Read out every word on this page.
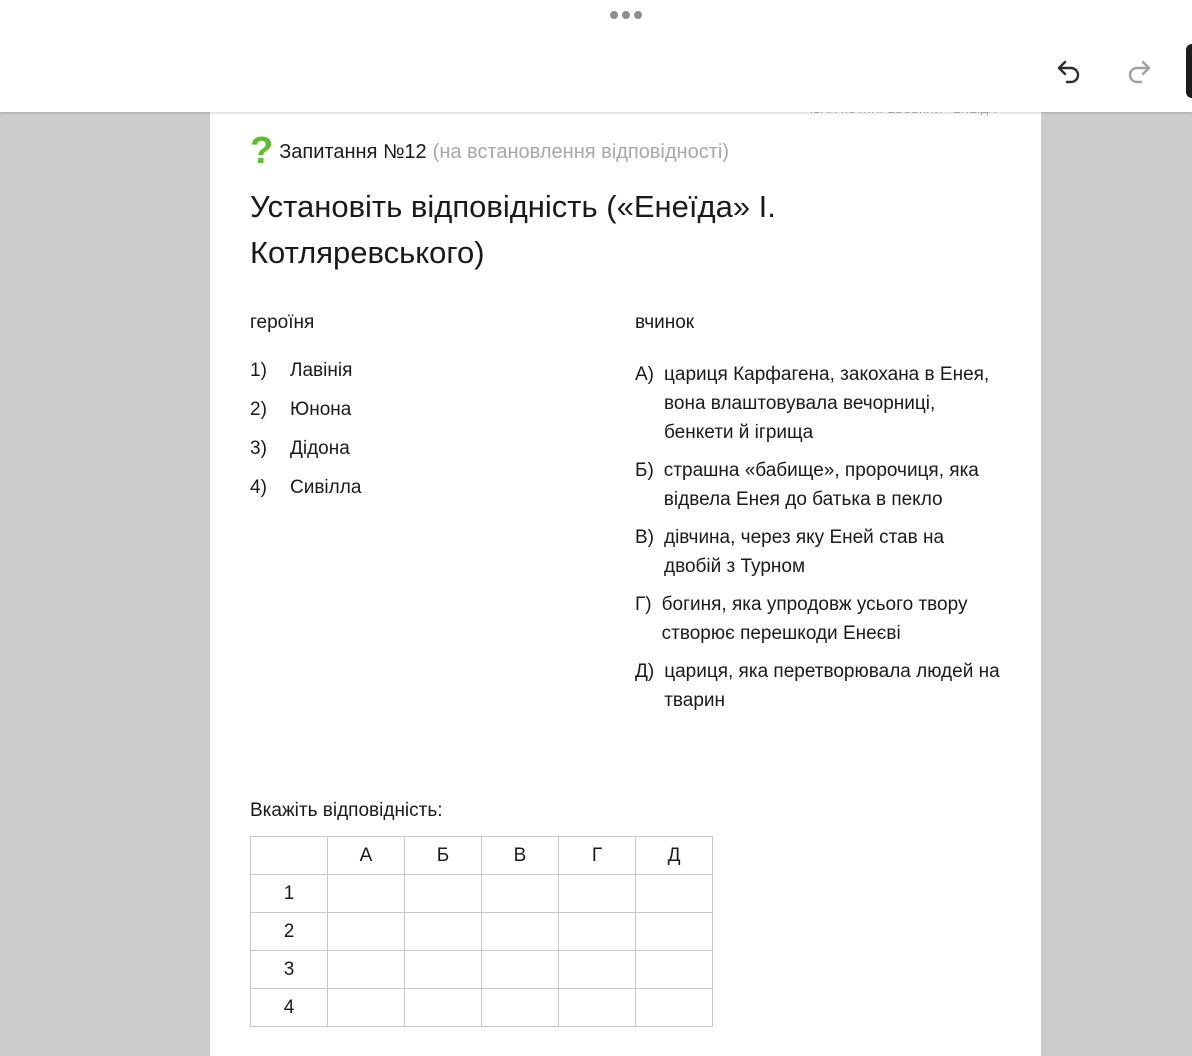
? Запитання №12 (на встановлення відповідності)
Установіть відповідність («Енеїда» І. Котляревського)
героїня	вчинок
1)	Лавінія
2)	Юнона
3)	Дідона
4)	Сивілла
А) цариця Карфагена, закохана в Енея, вона влаштовувала вечорниці, бенкети й ігрища
Б) страшна «бабище», пророчиця, яка відвела Енея до батька в пекло
В) дівчина, через яку Еней став на двобій з Турном
Г) богиня, яка упродовж усього твору створює перешкоди Енеєві
Д) цариця, яка перетворювала людей на тварин
Вкажіть відповідність:
	А	Б	В	Г	Д
1					
2					
3					
4					
